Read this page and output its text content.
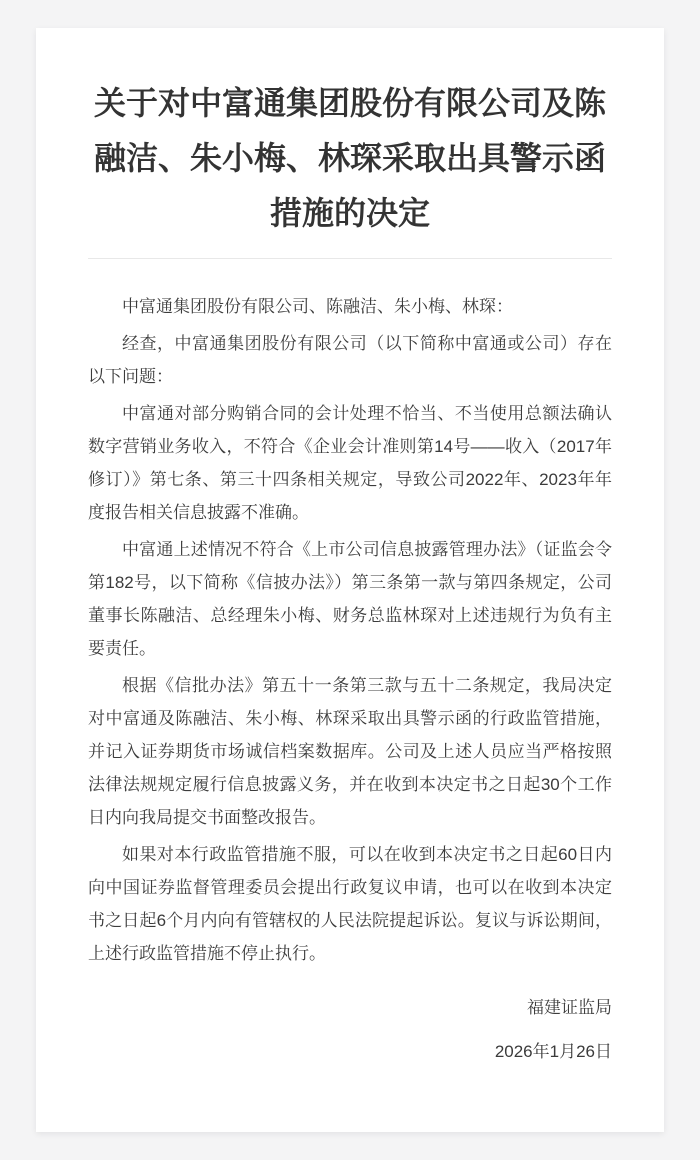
关于对中富通集团股份有限公司及陈融洁、朱小梅、林琛采取出具警示函措施的决定

中富通集团股份有限公司、陈融洁、朱小梅、林琛：

经查，中富通集团股份有限公司（以下简称中富通或公司）存在以下问题：

中富通对部分购销合同的会计处理不恰当、不当使用总额法确认数字营销业务收入，不符合《企业会计准则第14号——收入（2017年修订）》第七条、第三十四条相关规定，导致公司2022年、2023年年度报告相关信息披露不准确。

中富通上述情况不符合《上市公司信息披露管理办法》（证监会令第182号，以下简称《信披办法》）第三条第一款与第四条规定，公司董事长陈融洁、总经理朱小梅、财务总监林琛对上述违规行为负有主要责任。

根据《信批办法》第五十一条第三款与五十二条规定，我局决定对中富通及陈融洁、朱小梅、林琛采取出具警示函的行政监管措施，并记入证券期货市场诚信档案数据库。公司及上述人员应当严格按照法律法规规定履行信息披露义务，并在收到本决定书之日起30个工作日内向我局提交书面整改报告。

如果对本行政监管措施不服，可以在收到本决定书之日起60日内向中国证券监督管理委员会提出行政复议申请，也可以在收到本决定书之日起6个月内向有管辖权的人民法院提起诉讼。复议与诉讼期间，上述行政监管措施不停止执行。

福建证监局

2026年1月26日
